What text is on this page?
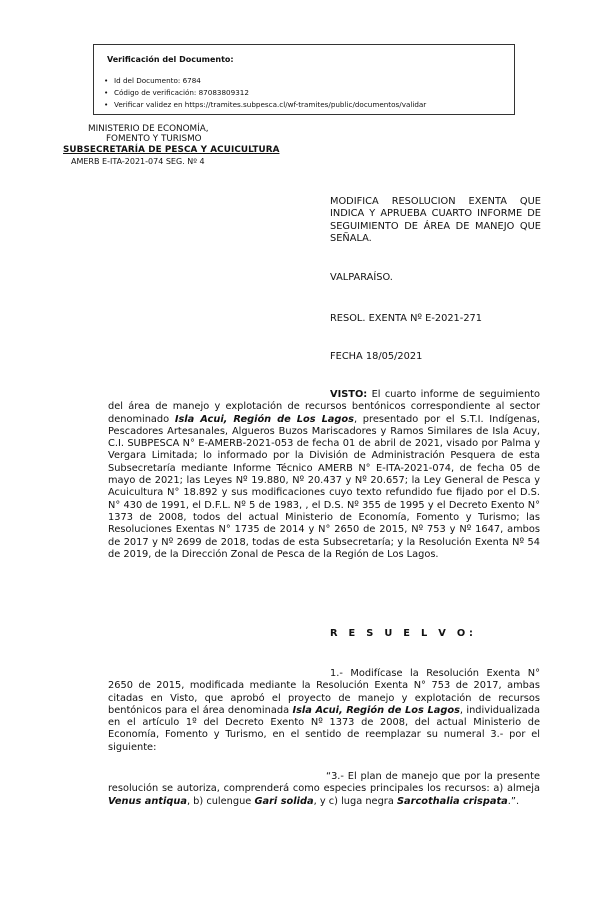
Verificación del Documento:
• Id del Documento: 6784
• Código de verificación: 87083809312
• Verificar validez en https://tramites.subpesca.cl/wf-tramites/public/documentos/validar
MINISTERIO DE ECONOMÍA,
FOMENTO Y TURISMO
SUBSECRETARÍA DE PESCA Y ACUICULTURA
AMERB E-ITA-2021-074 SEG. Nº 4
MODIFICA RESOLUCIÓN EXENTA QUE INDICA Y APRUEBA CUARTO INFORME DE SEGUIMIENTO DE ÁREA DE MANEJO QUE SEÑALA.
VALPARAÍSO.
RESOL. EXENTA Nº E-2021-271
FECHA 18/05/2021
VISTO: El cuarto informe de seguimiento del área de manejo y explotación de recursos bentónicos correspondiente al sector denominado Isla Acui, Región de Los Lagos, presentado por el S.T.I. Indígenas, Pescadores Artesanales, Algueros Buzos Mariscadores y Ramos Similares de Isla Acuy, C.I. SUBPESCA N° E-AMERB-2021-053 de fecha 01 de abril de 2021, visado por Palma y Vergara Limitada; lo informado por la División de Administración Pesquera de esta Subsecretaría mediante Informe Técnico AMERB N° E-ITA-2021-074, de fecha 05 de mayo de 2021; las Leyes Nº 19.880, Nº 20.437 y Nº 20.657; la Ley General de Pesca y Acuicultura N° 18.892 y sus modificaciones cuyo texto refundido fue fijado por el D.S. N° 430 de 1991, el D.F.L. Nº 5 de 1983, , el D.S. Nº 355 de 1995 y el Decreto Exento N° 1373 de 2008, todos del actual Ministerio de Economía, Fomento y Turismo; las Resoluciones Exentas N° 1735 de 2014 y N° 2650 de 2015, Nº 753 y Nº 1647, ambos de 2017 y Nº 2699 de 2018, todas de esta Subsecretaría; y la Resolución Exenta Nº 54 de 2019, de la Dirección Zonal de Pesca de la Región de Los Lagos.
R E S U E L V O:
1.- Modifícase la Resolución Exenta N° 2650 de 2015, modificada mediante la Resolución Exenta N° 753 de 2017, ambas citadas en Visto, que aprobó el proyecto de manejo y explotación de recursos bentónicos para el área denominada Isla Acui, Región de Los Lagos, individualizada en el artículo 1º del Decreto Exento Nº 1373 de 2008, del actual Ministerio de Economía, Fomento y Turismo, en el sentido de reemplazar su numeral 3.- por el siguiente:
“3.- El plan de manejo que por la presente resolución se autoriza, comprenderá como especies principales los recursos: a) almeja Venus antiqua, b) culengue Gari solida, y c) luga negra Sarcothalia crispata.”.
